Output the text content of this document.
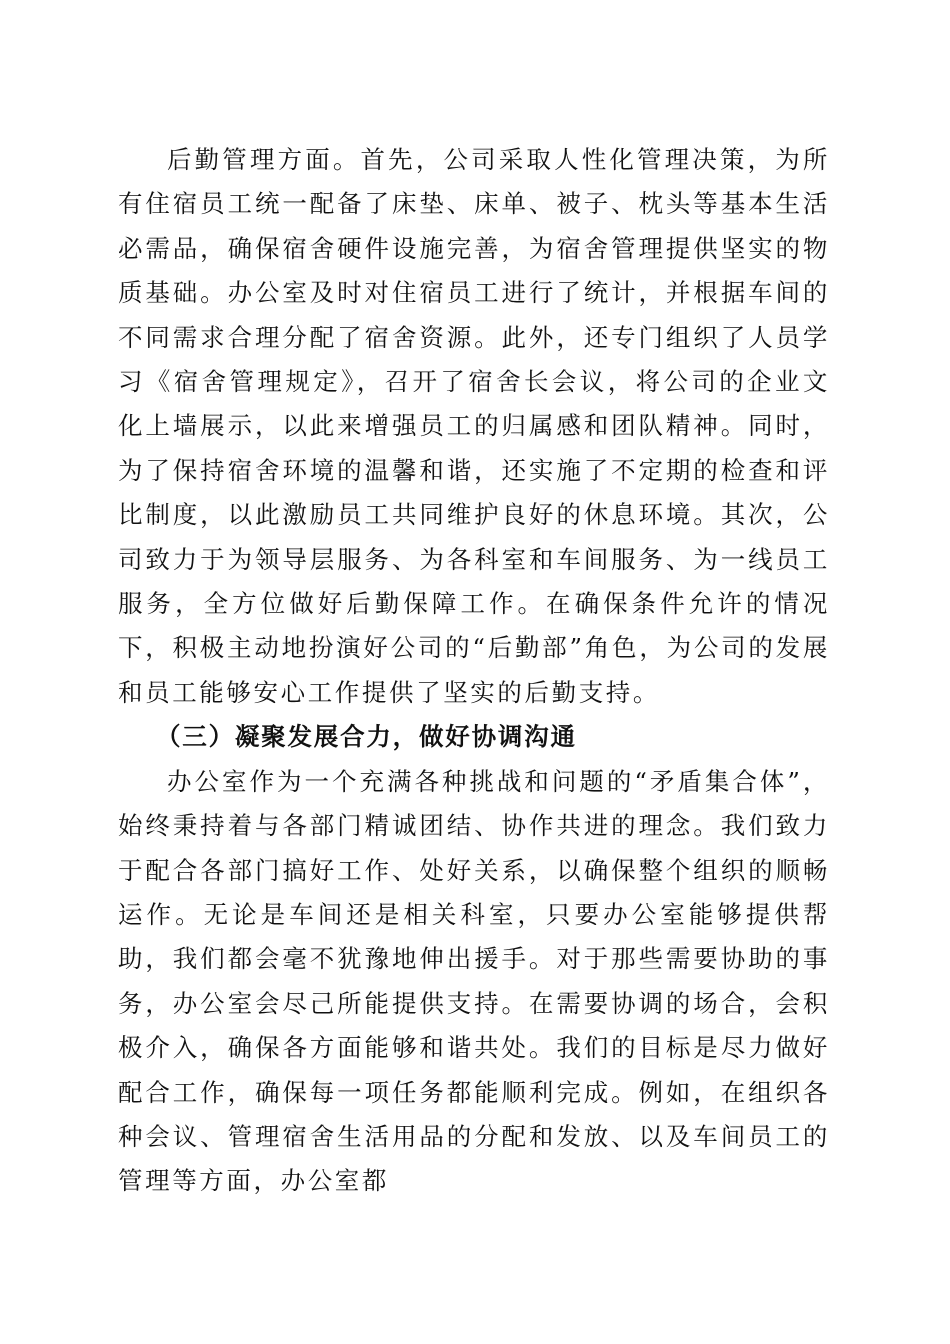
后勤管理方面。首先，公司采取人性化管理决策，为所有住宿员工统一配备了床垫、床单、被子、枕头等基本生活必需品，确保宿舍硬件设施完善，为宿舍管理提供坚实的物质基础。办公室及时对住宿员工进行了统计，并根据车间的不同需求合理分配了宿舍资源。此外，还专门组织了人员学习《宿舍管理规定》，召开了宿舍长会议，将公司的企业文化上墙展示，以此来增强员工的归属感和团队精神。同时，为了保持宿舍环境的温馨和谐，还实施了不定期的检查和评比制度，以此激励员工共同维护良好的休息环境。其次，公司致力于为领导层服务、为各科室和车间服务、为一线员工服务，全方位做好后勤保障工作。在确保条件允许的情况下，积极主动地扮演好公司的“后勤部”角色，为公司的发展和员工能够安心工作提供了坚实的后勤支持。

（三）凝聚发展合力，做好协调沟通

办公室作为一个充满各种挑战和问题的“矛盾集合体”，始终秉持着与各部门精诚团结、协作共进的理念。我们致力于配合各部门搞好工作、处好关系，以确保整个组织的顺畅运作。无论是车间还是相关科室，只要办公室能够提供帮助，我们都会毫不犹豫地伸出援手。对于那些需要协助的事务，办公室会尽己所能提供支持。在需要协调的场合，会积极介入，确保各方面能够和谐共处。我们的目标是尽力做好配合工作，确保每一项任务都能顺利完成。例如，在组织各种会议、管理宿舍生活用品的分配和发放、以及车间员工的管理等方面，办公室都
